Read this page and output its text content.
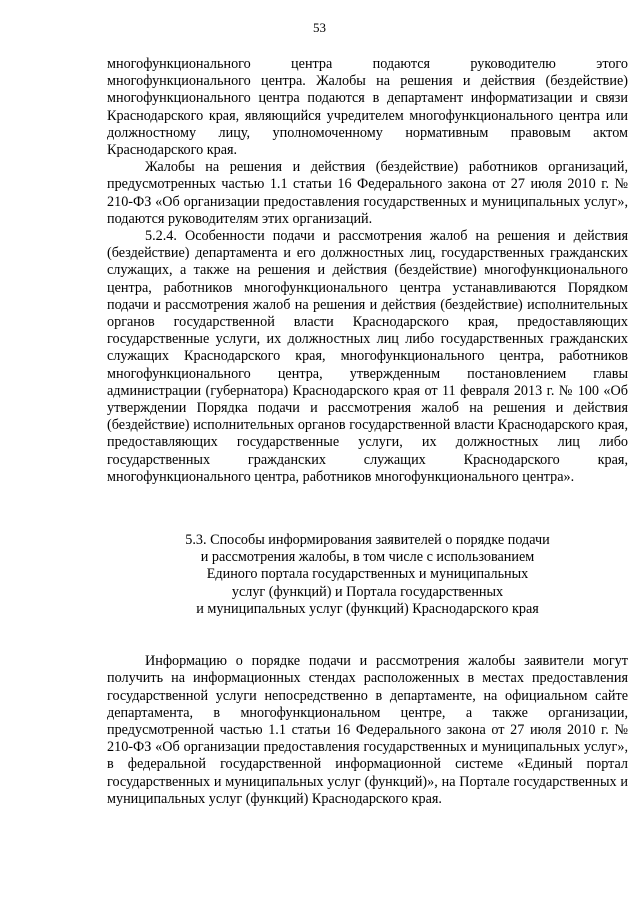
53

многофункционального центра подаются руководителю этого многофункционального центра. Жалобы на решения и действия (бездействие) многофункционального центра подаются в департамент информатизации и связи Краснодарского края, являющийся учредителем многофункционального центра или должностному лицу, уполномоченному нормативным правовым актом Краснодарского края.

Жалобы на решения и действия (бездействие) работников организаций, предусмотренных частью 1.1 статьи 16 Федерального закона от 27 июля 2010 г. № 210-ФЗ «Об организации предоставления государственных и муниципальных услуг», подаются руководителям этих организаций.

5.2.4. Особенности подачи и рассмотрения жалоб на решения и действия (бездействие) департамента и его должностных лиц, государственных гражданских служащих, а также на решения и действия (бездействие) многофункционального центра, работников многофункционального центра устанавливаются Порядком подачи и рассмотрения жалоб на решения и действия (бездействие) исполнительных органов государственной власти Краснодарского края, предоставляющих государственные услуги, их должностных лиц либо государственных гражданских служащих Краснодарского края, многофункционального центра, работников многофункционального центра, утвержденным постановлением главы администрации (губернатора) Краснодарского края от 11 февраля 2013 г. № 100 «Об утверждении Порядка подачи и рассмотрения жалоб на решения и действия (бездействие) исполнительных органов государственной власти Краснодарского края, предоставляющих государственные услуги, их должностных лиц либо государственных гражданских служащих Краснодарского края, многофункционального центра, работников многофункционального центра».

5.3. Способы информирования заявителей о порядке подачи
и рассмотрения жалобы, в том числе с использованием
Единого портала государственных и муниципальных
услуг (функций) и Портала государственных
и муниципальных услуг (функций) Краснодарского края

Информацию о порядке подачи и рассмотрения жалобы заявители могут получить на информационных стендах расположенных в местах предоставления государственной услуги непосредственно в департаменте, на официальном сайте департамента, в многофункциональном центре, а также организации, предусмотренной частью 1.1 статьи 16 Федерального закона от 27 июля 2010 г. № 210-ФЗ «Об организации предоставления государственных и муниципальных услуг», в федеральной государственной информационной системе «Единый портал государственных и муниципальных услуг (функций)», на Портале государственных и муниципальных услуг (функций) Краснодарского края.
